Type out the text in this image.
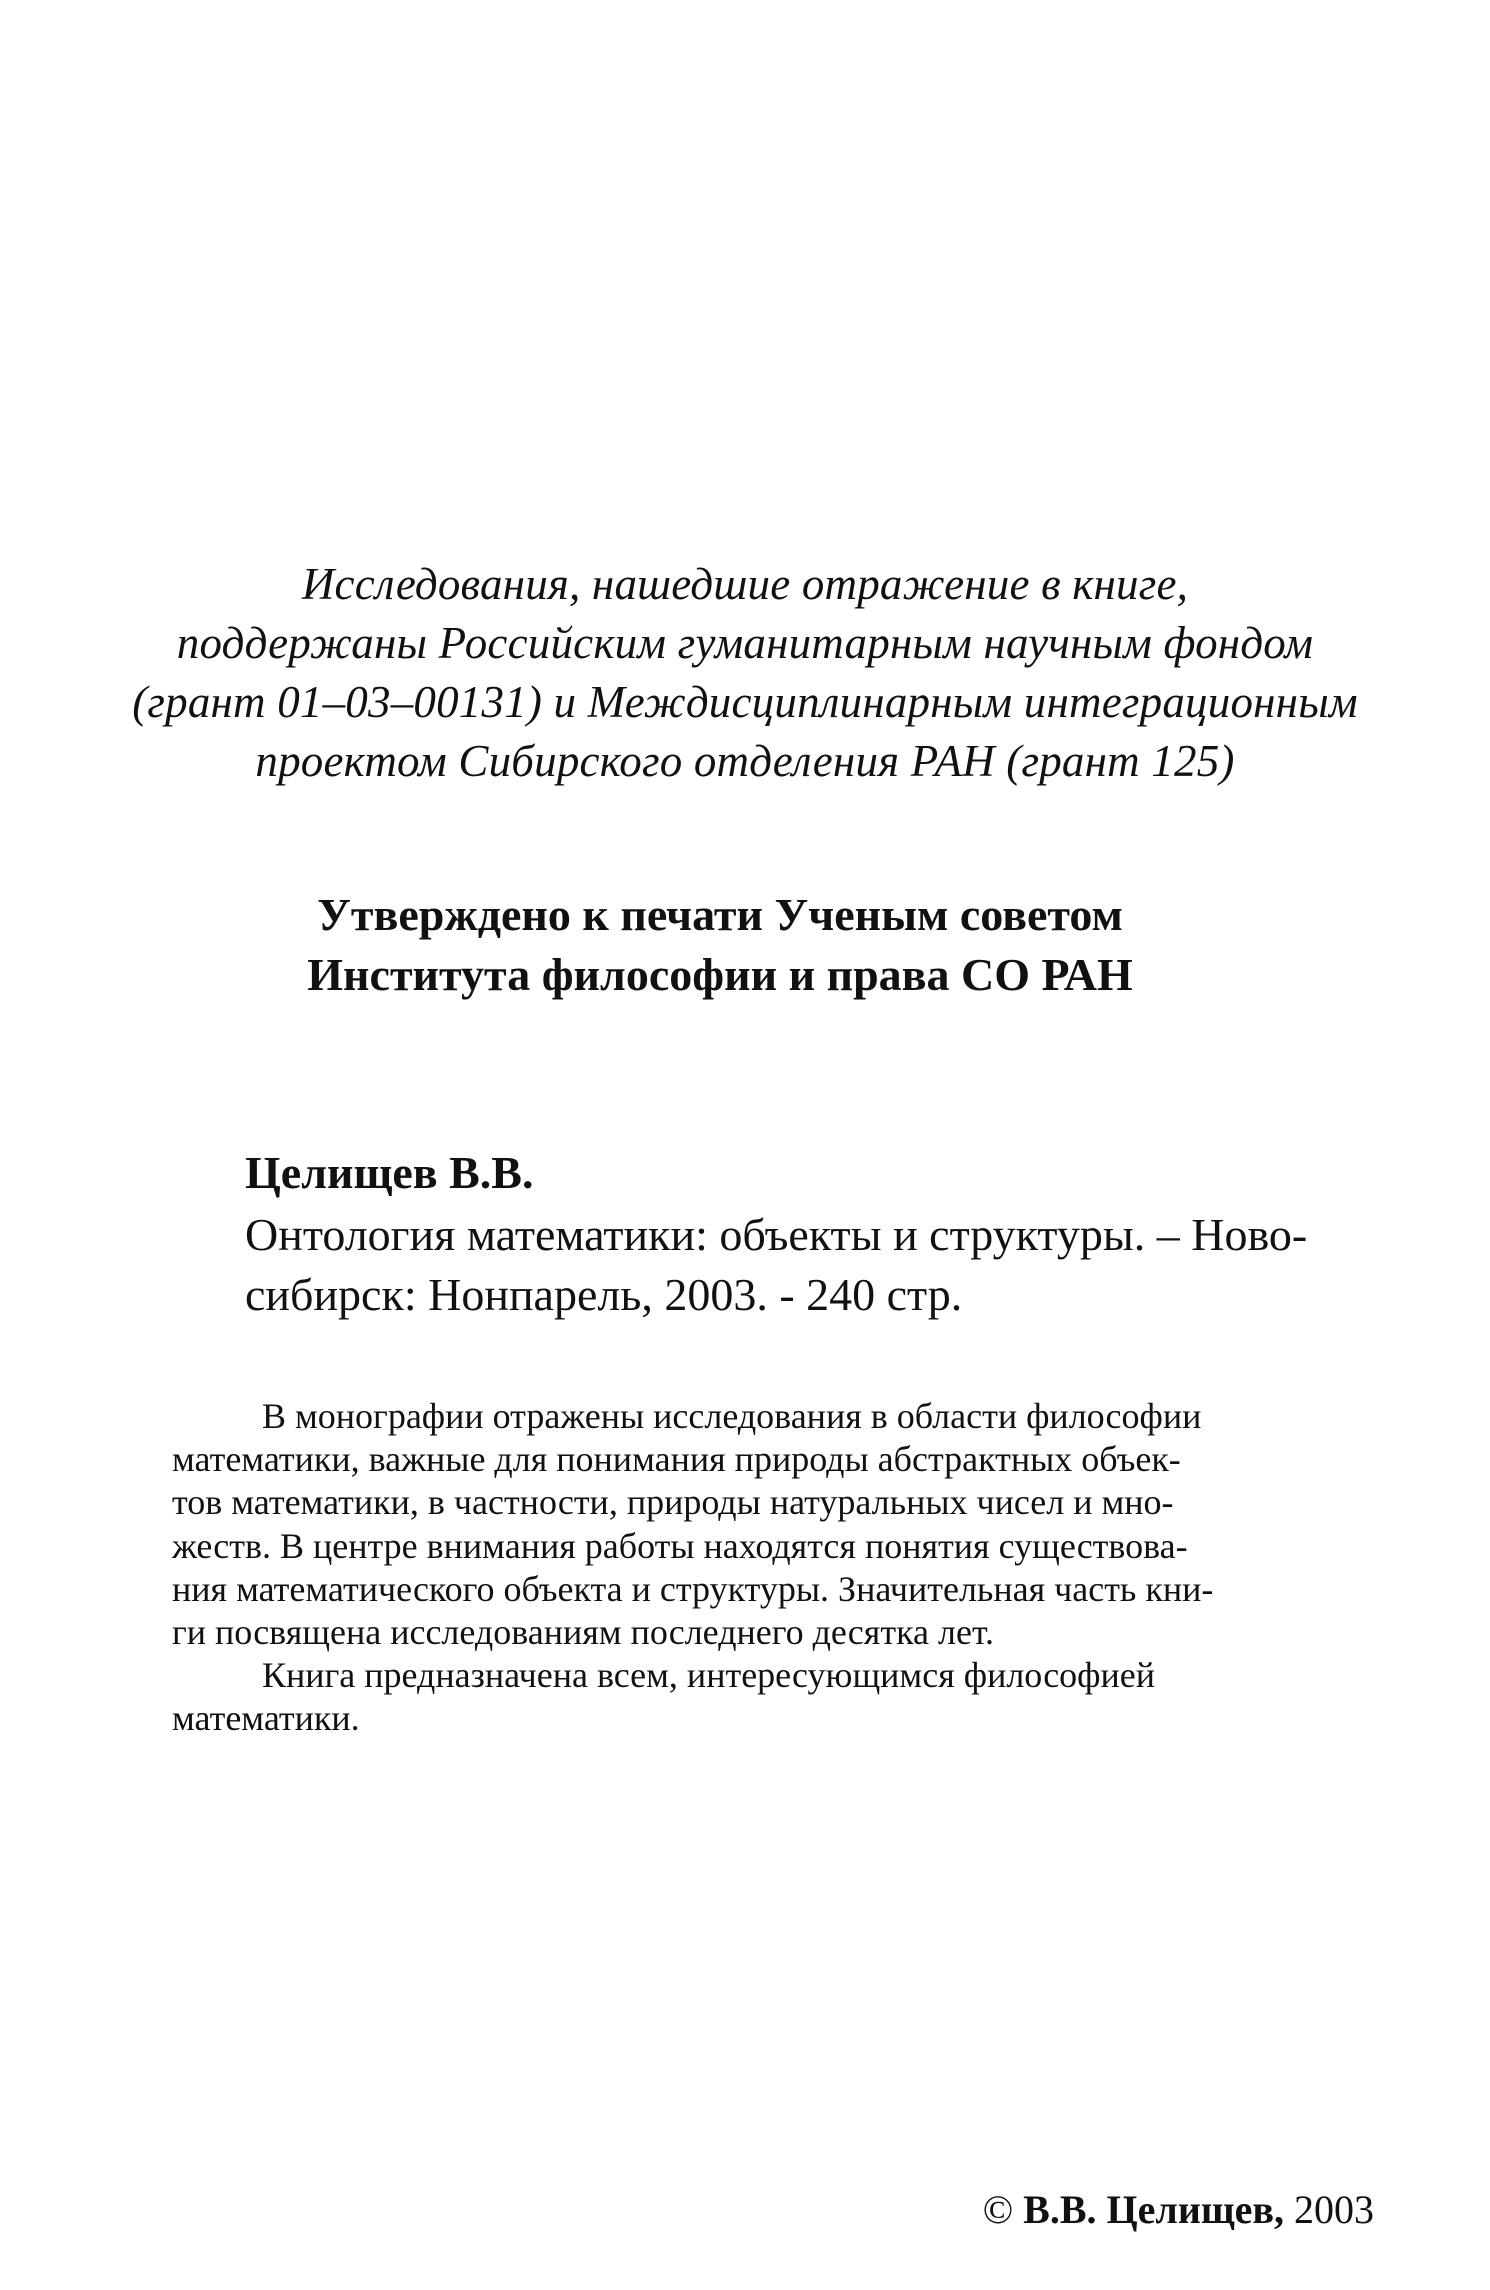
Исследования, нашедшие отражение в книге,
поддержаны Российским гуманитарным научным фондом
(грант 01–03–00131) и Междисциплинарным интеграционным
проектом Сибирского отделения РАН (грант 125)
Утверждено к печати Ученым советом
Института философии и права СО РАН
Целищев В.В.
Онтология математики: объекты и структуры. – Ново-
сибирск: Нонпарель, 2003. - 240 стр.
В монографии отражены исследования в области философии
математики, важные для понимания природы абстрактных объек-
тов математики, в частности, природы натуральных чисел и мно-
жеств. В центре внимания работы находятся понятия существова-
ния математического объекта и структуры. Значительная часть кни-
ги посвящена исследованиям последнего десятка лет.
Книга предназначена всем, интересующимся философией
математики.
© В.В. Целищев, 2003
